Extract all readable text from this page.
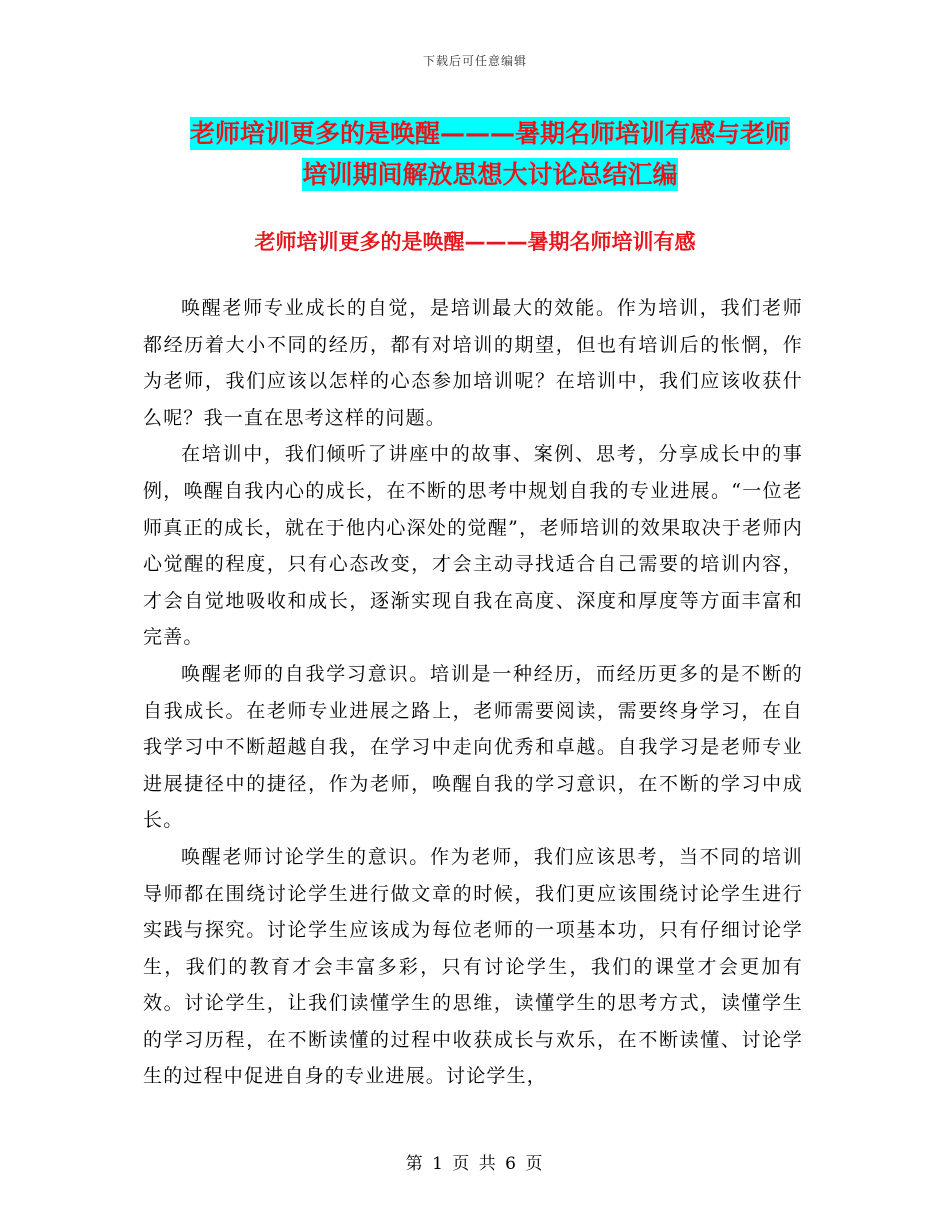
下载后可任意编辑
老师培训更多的是唤醒———暑期名师培训有感与老师
培训期间解放思想大讨论总结汇编
老师培训更多的是唤醒———暑期名师培训有感

唤醒老师专业成长的自觉，是培训最大的效能。作为培训，我们老师都经历着大小不同的经历，都有对培训的期望，但也有培训后的怅惘，作为老师，我们应该以怎样的心态参加培训呢？在培训中，我们应该收获什么呢？我一直在思考这样的问题。

在培训中，我们倾听了讲座中的故事、案例、思考，分享成长中的事例，唤醒自我内心的成长，在不断的思考中规划自我的专业进展。“一位老师真正的成长，就在于他内心深处的觉醒”，老师培训的效果取决于老师内心觉醒的程度，只有心态改变，才会主动寻找适合自己需要的培训内容，才会自觉地吸收和成长，逐渐实现自我在高度、深度和厚度等方面丰富和完善。

唤醒老师的自我学习意识。培训是一种经历，而经历更多的是不断的自我成长。在老师专业进展之路上，老师需要阅读，需要终身学习，在自我学习中不断超越自我，在学习中走向优秀和卓越。自我学习是老师专业进展捷径中的捷径，作为老师，唤醒自我的学习意识，在不断的学习中成长。

唤醒老师讨论学生的意识。作为老师，我们应该思考，当不同的培训导师都在围绕讨论学生进行做文章的时候，我们更应该围绕讨论学生进行实践与探究。讨论学生应该成为每位老师的一项基本功，只有仔细讨论学生，我们的教育才会丰富多彩，只有讨论学生，我们的课堂才会更加有效。讨论学生，让我们读懂学生的思维，读懂学生的思考方式，读懂学生的学习历程，在不断读懂的过程中收获成长与欢乐，在不断读懂、讨论学生的过程中促进自身的专业进展。讨论学生，

第 1 页 共 6 页
